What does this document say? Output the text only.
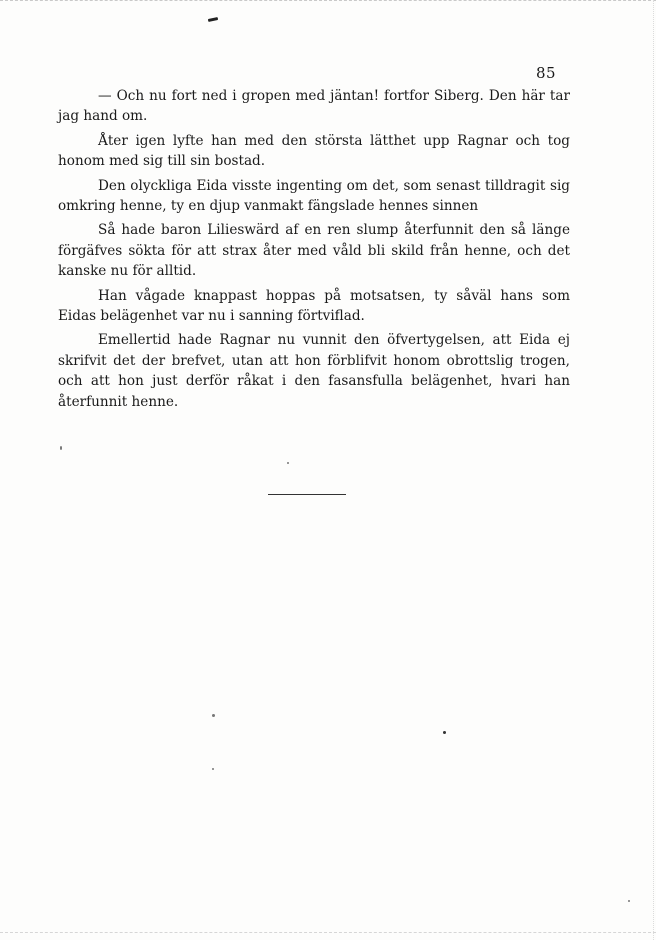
85

— Och nu fort ned i gropen med jäntan! fortfor Siberg. Den här tar jag hand om.

Åter igen lyfte han med den största lätthet upp Ragnar och tog honom med sig till sin bostad.

Den olyckliga Eida visste ingenting om det, som senast tilldragit sig omkring henne, ty en djup vanmakt fängslade hennes sinnen

Så hade baron Lilieswärd af en ren slump återfunnit den så länge förgäfves sökta för att strax åter med våld bli skild från henne, och det kanske nu för alltid.

Han vågade knappast hoppas på motsatsen, ty såväl hans som Eidas belägenhet var nu i sanning förtviflad.

Emellertid hade Ragnar nu vunnit den öfvertygelsen, att Eida ej skrifvit det der brefvet, utan att hon förblifvit honom obrottslig trogen, och att hon just derför råkat i den fasansfulla belägenhet, hvari han återfunnit henne.
